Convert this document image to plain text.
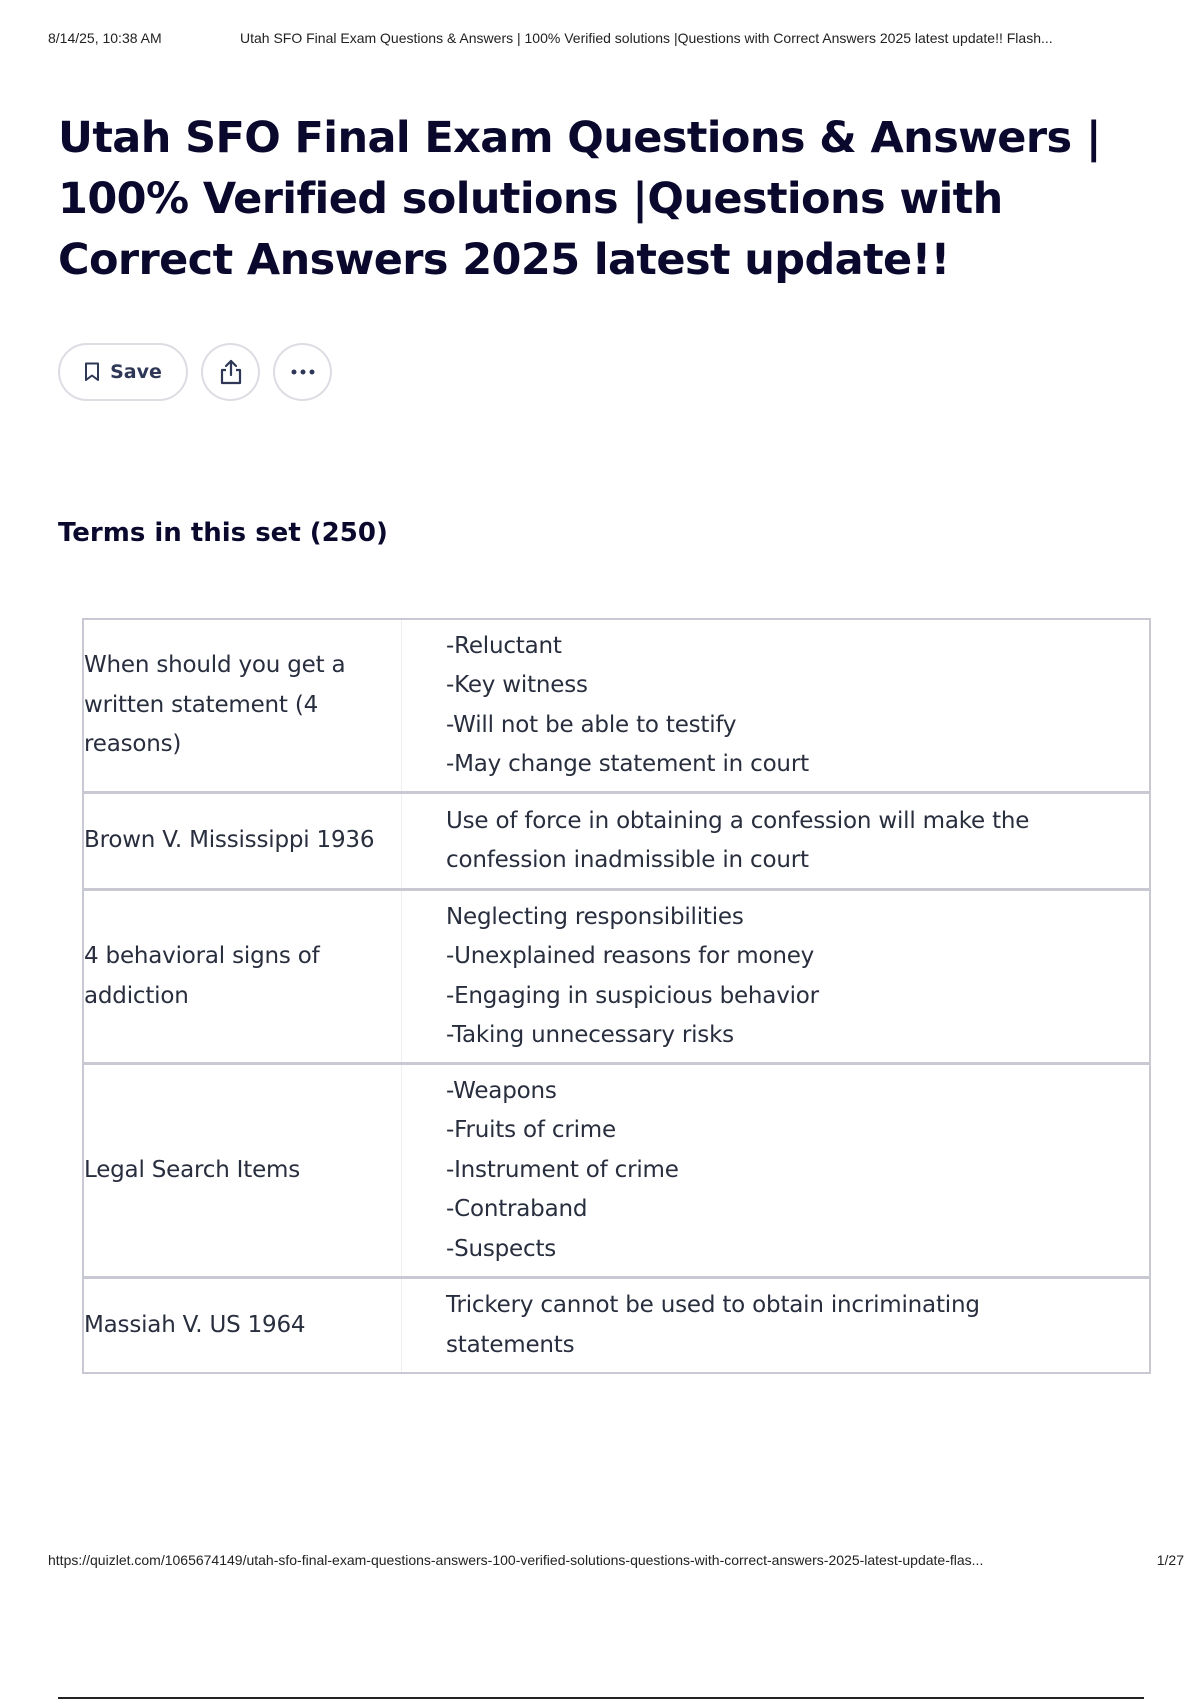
8/14/25, 10:38 AM	Utah SFO Final Exam Questions & Answers | 100% Verified solutions |Questions with Correct Answers 2025 latest update!! Flash...
Utah SFO Final Exam Questions & Answers | 100% Verified solutions |Questions with Correct Answers 2025 latest update!!
Save
Terms in this set (250)
When should you get a written statement (4 reasons)
-Reluctant
-Key witness
-Will not be able to testify
-May change statement in court
Brown V. Mississippi 1936
Use of force in obtaining a confession will make the
confession inadmissible in court
4 behavioral signs of addiction
Neglecting responsibilities
-Unexplained reasons for money
-Engaging in suspicious behavior
-Taking unnecessary risks
Legal Search Items
-Weapons
-Fruits of crime
-Instrument of crime
-Contraband
-Suspects
Massiah V. US 1964
Trickery cannot be used to obtain incriminating
statements
https://quizlet.com/1065674149/utah-sfo-final-exam-questions-answers-100-verified-solutions-questions-with-correct-answers-2025-latest-update-flas...	1/27
